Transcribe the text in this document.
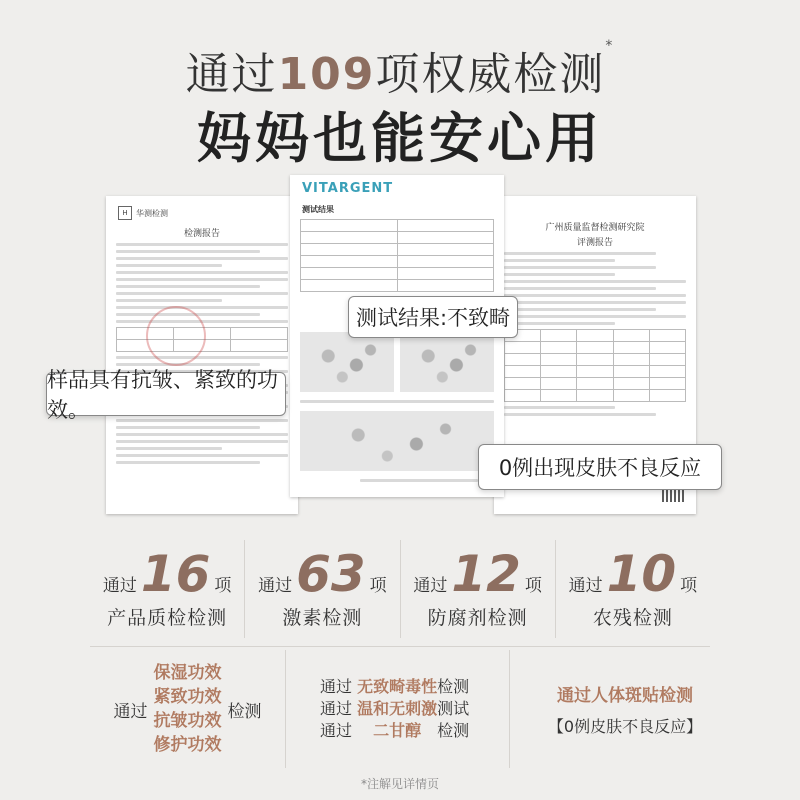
通过109项权威检测*
妈妈也能安心用
H	华测检测
检测报告

VITARGENT
测试结果

广州质量监督检测研究院
评测报告

测试结果:不致畸
样品具有抗皱、紧致的功效。
0例出现皮肤不良反应
通过 16 项
产品质检检测
通过 63 项
激素检测
通过 12 项
防腐剂检测
通过 10 项
农残检测
通过
保湿功效
紧致功效
抗皱功效
修护功效
检测
通过 无致畸毒性检测
通过 温和无刺激测试
通过 二甘醇 检测
通过人体斑贴检测
【0例皮肤不良反应】
*注解见详情页
